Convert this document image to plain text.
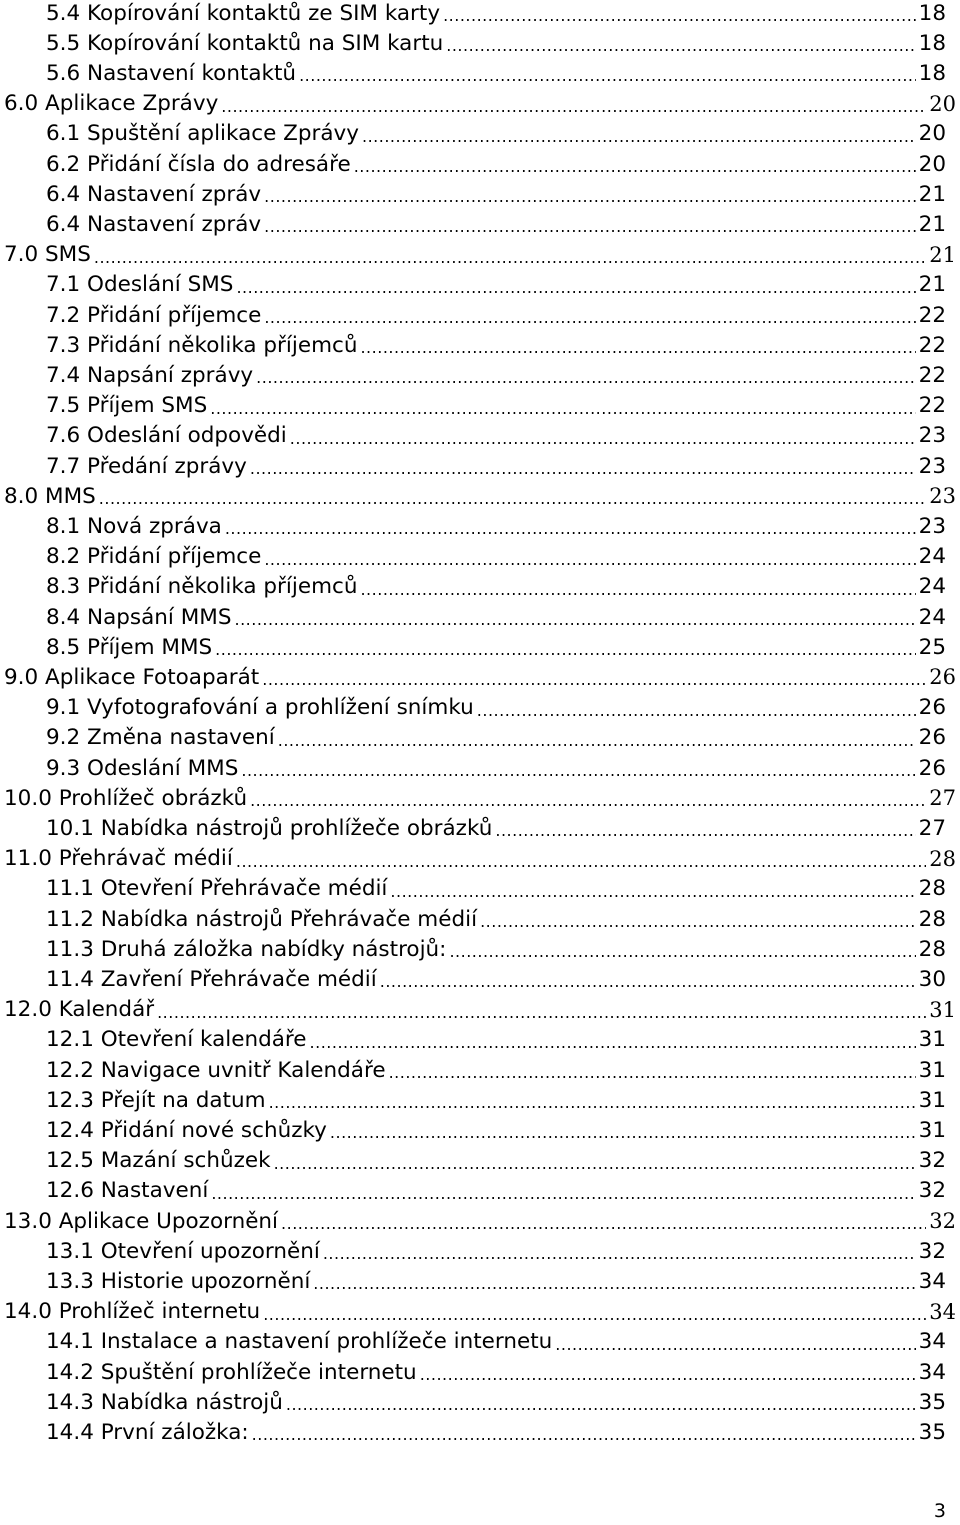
5.4 Kopírování kontaktů ze SIM karty .....	18
5.5 Kopírování kontaktů na SIM kartu .....	18
5.6 Nastavení kontaktů .....	18
6.0 Aplikace Zprávy .....	20
6.1 Spuštění aplikace Zprávy .....	20
6.2 Přidání čísla do adresáře .....	20
6.4 Nastavení zpráv .....	21
6.4 Nastavení zpráv .....	21
7.0 SMS .....	21
7.1 Odeslání SMS .....	21
7.2 Přidání příjemce .....	22
7.3 Přidání několika příjemců .....	22
7.4 Napsání zprávy .....	22
7.5 Příjem SMS .....	22
7.6 Odeslání odpovědi .....	23
7.7 Předání zprávy .....	23
8.0 MMS .....	23
8.1 Nová zpráva .....	23
8.2 Přidání příjemce .....	24
8.3 Přidání několika příjemců .....	24
8.4 Napsání MMS .....	24
8.5 Příjem MMS .....	25
9.0 Aplikace Fotoaparát .....	26
9.1 Vyfotografování a prohlížení snímku .....	26
9.2 Změna nastavení .....	26
9.3 Odeslání MMS .....	26
10.0 Prohlížeč obrázků .....	27
10.1 Nabídka nástrojů prohlížeče obrázků .....	27
11.0 Přehrávač médií .....	28
11.1 Otevření Přehrávače médií .....	28
11.2 Nabídka nástrojů Přehrávače médií .....	28
11.3 Druhá záložka nabídky nástrojů: .....	28
11.4 Zavření Přehrávače médií .....	30
12.0 Kalendář .....	31
12.1 Otevření kalendáře .....	31
12.2 Navigace uvnitř Kalendáře .....	31
12.3 Přejít na datum .....	31
12.4 Přidání nové schůzky .....	31
12.5 Mazání schůzek .....	32
12.6 Nastavení .....	32
13.0 Aplikace Upozornění .....	32
13.1 Otevření upozornění .....	32
13.3 Historie upozornění .....	34
14.0 Prohlížeč internetu .....	34
14.1 Instalace a nastavení prohlížeče internetu .....	34
14.2 Spuštění prohlížeče internetu .....	34
14.3 Nabídka nástrojů .....	35
14.4 První záložka: .....	35
3
